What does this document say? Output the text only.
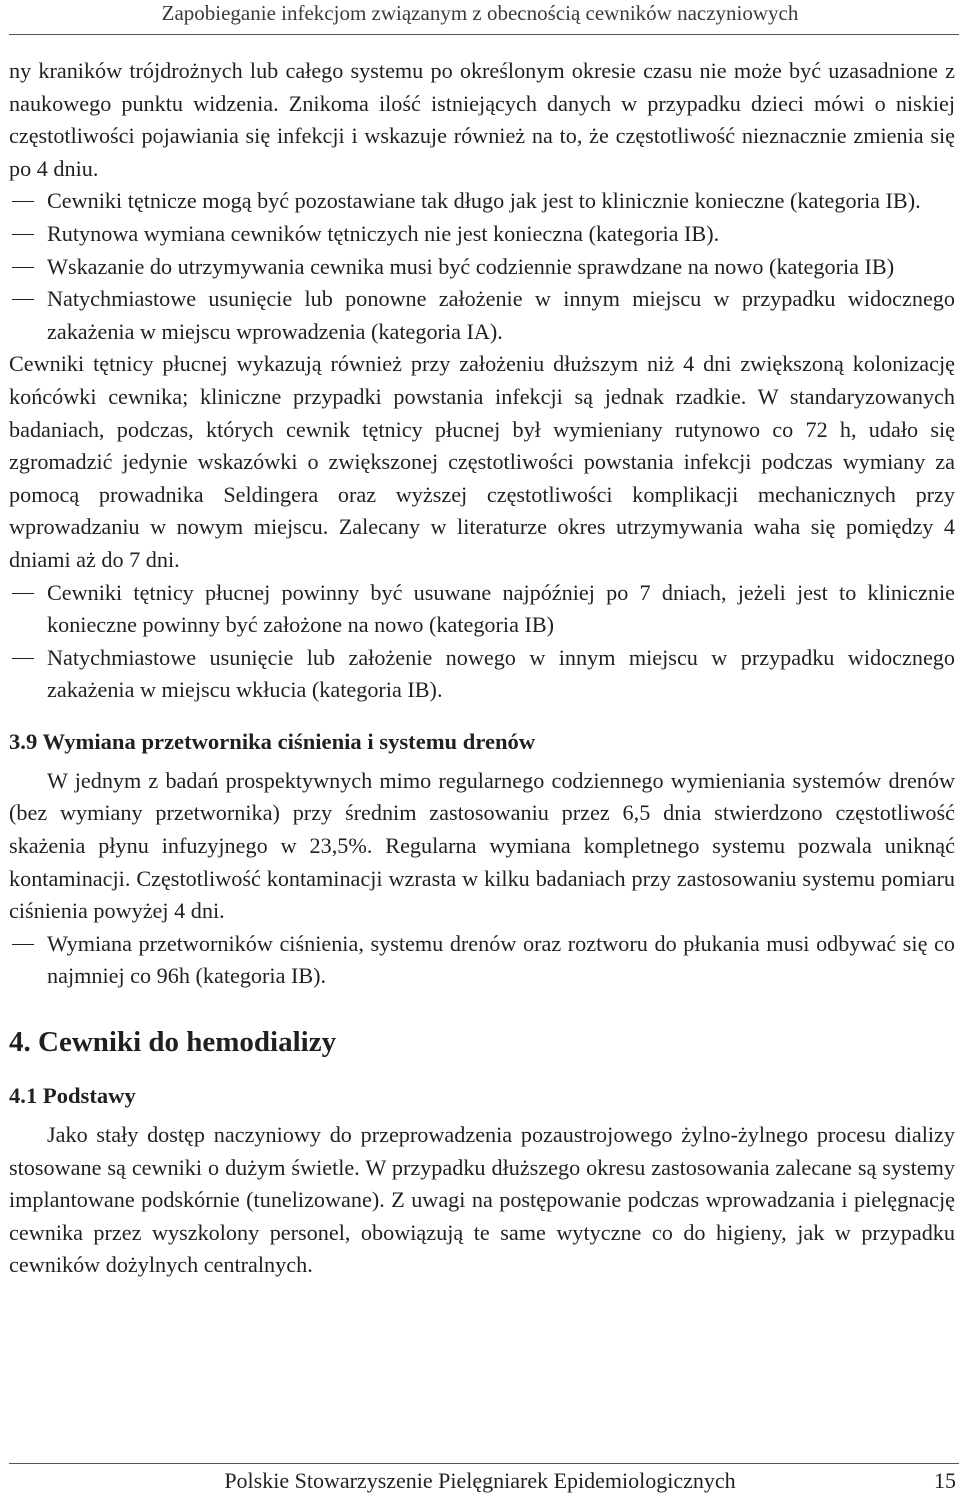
Zapobieganie infekcjom związanym z obecnością cewników naczyniowych

ny kraników trójdrożnych lub całego systemu po określonym okresie czasu nie może być uzasadnione z naukowego punktu widzenia. Znikoma ilość istniejących danych w przypadku dzieci mówi o niskiej częstotliwości pojawiania się infekcji i wskazuje również na to, że częstotliwość nieznacznie zmienia się po 4 dniu.

Cewniki tętnicze mogą być pozostawiane tak długo jak jest to klinicznie konieczne (kategoria IB).
Rutynowa wymiana cewników tętniczych nie jest konieczna (kategoria IB).
Wskazanie do utrzymywania cewnika musi być codziennie sprawdzane na nowo (kategoria IB)
Natychmiastowe usunięcie lub ponowne założenie w innym miejscu w przypadku widocznego zakażenia w miejscu wprowadzenia (kategoria IA).

Cewniki tętnicy płucnej wykazują również przy założeniu dłuższym niż 4 dni zwiększoną kolonizację końcówki cewnika; kliniczne przypadki powstania infekcji są jednak rzadkie. W standaryzowanych badaniach, podczas, których cewnik tętnicy płucnej był wymieniany rutynowo co 72 h, udało się zgromadzić jedynie wskazówki o zwiększonej częstotliwości powstania infekcji podczas wymiany za pomocą prowadnika Seldingera oraz wyższej częstotliwości komplikacji mechanicznych przy wprowadzaniu w nowym miejscu. Zalecany w literaturze okres utrzymywania waha się pomiędzy 4 dniami aż do 7 dni.

Cewniki tętnicy płucnej powinny być usuwane najpóźniej po 7 dniach, jeżeli jest to klinicznie konieczne powinny być założone na nowo (kategoria IB)
Natychmiastowe usunięcie lub założenie nowego w innym miejscu w przypadku widocznego zakażenia w miejscu wkłucia (kategoria IB).
3.9 Wymiana przetwornika ciśnienia i systemu drenów

W jednym z badań prospektywnych mimo regularnego codziennego wymieniania systemów drenów (bez wymiany przetwornika) przy średnim zastosowaniu przez 6,5 dnia stwierdzono częstotliwość skażenia płynu infuzyjnego w 23,5%. Regularna wymiana kompletnego systemu pozwala uniknąć kontaminacji. Częstotliwość kontaminacji wzrasta w kilku badaniach przy zastosowaniu systemu pomiaru ciśnienia powyżej 4 dni.

Wymiana przetworników ciśnienia, systemu drenów oraz roztworu do płukania musi odbywać się co najmniej co 96h (kategoria IB).
4. Cewniki do hemodializy
4.1 Podstawy

Jako stały dostęp naczyniowy do przeprowadzenia pozaustrojowego żylno-żylnego procesu dializy stosowane są cewniki o dużym świetle. W przypadku dłuższego okresu zastosowania zalecane są systemy implantowane podskórnie (tunelizowane). Z uwagi na postępowanie podczas wprowadzania i pielęgnację cewnika przez wyszkolony personel, obowiązują te same wytyczne co do higieny, jak w przypadku cewników dożylnych centralnych.

Polskie Stowarzyszenie Pielęgniarek Epidemiologicznych	15
